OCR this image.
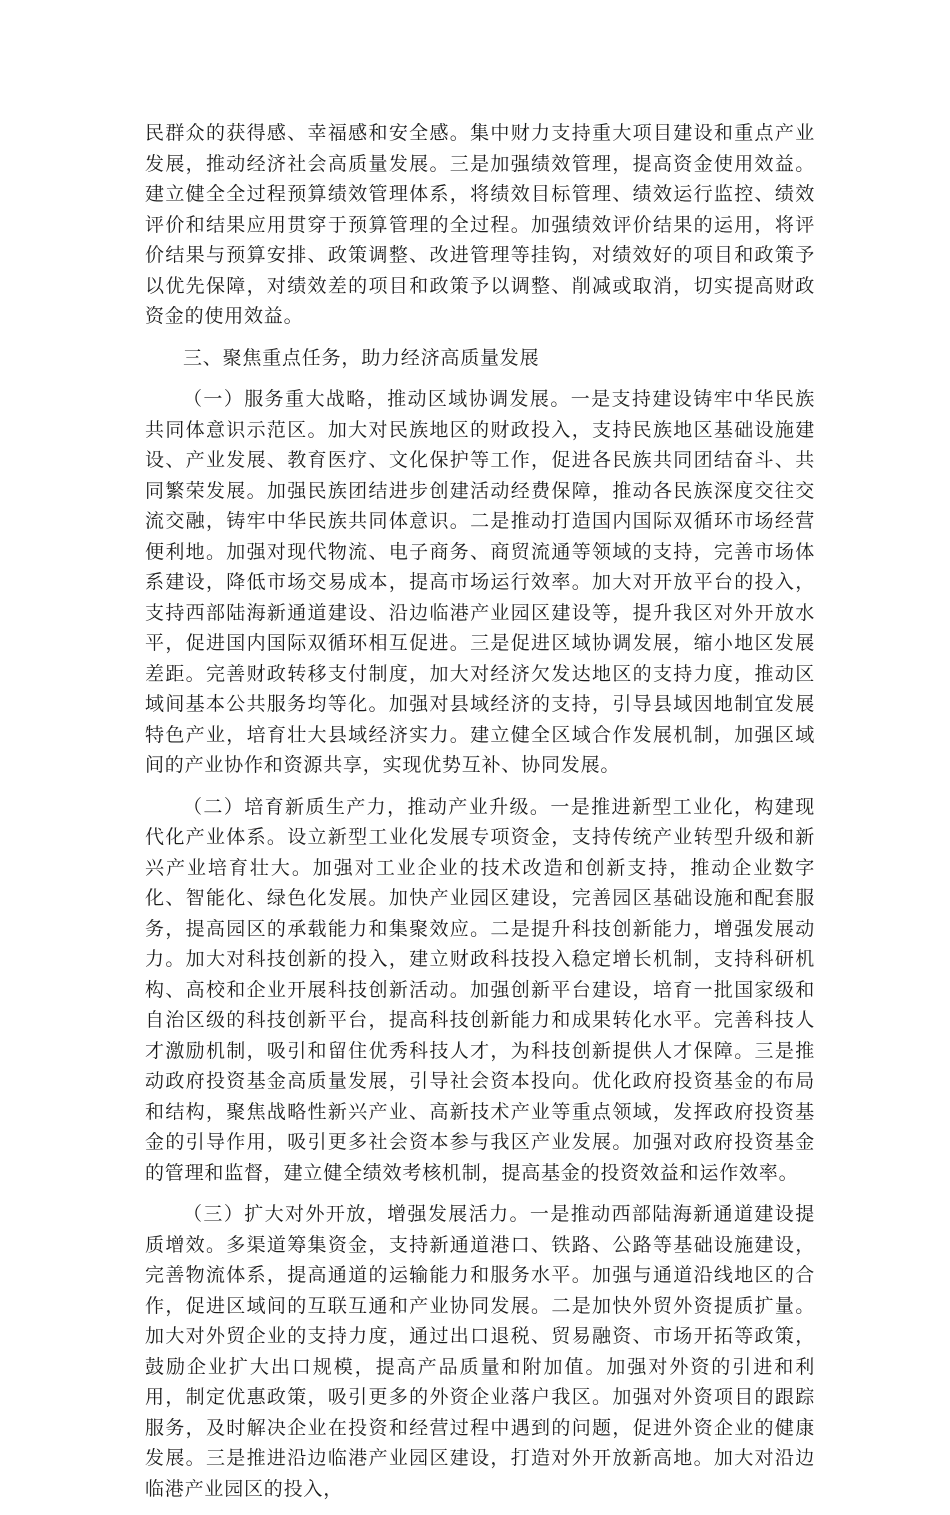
民群众的获得感、幸福感和安全感。集中财力支持重大项目建设和重点产业发展，推动经济社会高质量发展。三是加强绩效管理，提高资金使用效益。建立健全全过程预算绩效管理体系，将绩效目标管理、绩效运行监控、绩效评价和结果应用贯穿于预算管理的全过程。加强绩效评价结果的运用，将评价结果与预算安排、政策调整、改进管理等挂钩，对绩效好的项目和政策予以优先保障，对绩效差的项目和政策予以调整、削减或取消，切实提高财政资金的使用效益。

三、聚焦重点任务，助力经济高质量发展

（一）服务重大战略，推动区域协调发展。一是支持建设铸牢中华民族共同体意识示范区。加大对民族地区的财政投入，支持民族地区基础设施建设、产业发展、教育医疗、文化保护等工作，促进各民族共同团结奋斗、共同繁荣发展。加强民族团结进步创建活动经费保障，推动各民族深度交往交流交融，铸牢中华民族共同体意识。二是推动打造国内国际双循环市场经营便利地。加强对现代物流、电子商务、商贸流通等领域的支持，完善市场体系建设，降低市场交易成本，提高市场运行效率。加大对开放平台的投入，支持西部陆海新通道建设、沿边临港产业园区建设等，提升我区对外开放水平，促进国内国际双循环相互促进。三是促进区域协调发展，缩小地区发展差距。完善财政转移支付制度，加大对经济欠发达地区的支持力度，推动区域间基本公共服务均等化。加强对县域经济的支持，引导县域因地制宜发展特色产业，培育壮大县域经济实力。建立健全区域合作发展机制，加强区域间的产业协作和资源共享，实现优势互补、协同发展。

（二）培育新质生产力，推动产业升级。一是推进新型工业化，构建现代化产业体系。设立新型工业化发展专项资金，支持传统产业转型升级和新兴产业培育壮大。加强对工业企业的技术改造和创新支持，推动企业数字化、智能化、绿色化发展。加快产业园区建设，完善园区基础设施和配套服务，提高园区的承载能力和集聚效应。二是提升科技创新能力，增强发展动力。加大对科技创新的投入，建立财政科技投入稳定增长机制，支持科研机构、高校和企业开展科技创新活动。加强创新平台建设，培育一批国家级和自治区级的科技创新平台，提高科技创新能力和成果转化水平。完善科技人才激励机制，吸引和留住优秀科技人才，为科技创新提供人才保障。三是推动政府投资基金高质量发展，引导社会资本投向。优化政府投资基金的布局和结构，聚焦战略性新兴产业、高新技术产业等重点领域，发挥政府投资基金的引导作用，吸引更多社会资本参与我区产业发展。加强对政府投资基金的管理和监督，建立健全绩效考核机制，提高基金的投资效益和运作效率。

（三）扩大对外开放，增强发展活力。一是推动西部陆海新通道建设提质增效。多渠道筹集资金，支持新通道港口、铁路、公路等基础设施建设，完善物流体系，提高通道的运输能力和服务水平。加强与通道沿线地区的合作，促进区域间的互联互通和产业协同发展。二是加快外贸外资提质扩量。加大对外贸企业的支持力度，通过出口退税、贸易融资、市场开拓等政策，鼓励企业扩大出口规模，提高产品质量和附加值。加强对外资的引进和利用，制定优惠政策，吸引更多的外资企业落户我区。加强对外资项目的跟踪服务，及时解决企业在投资和经营过程中遇到的问题，促进外资企业的健康发展。三是推进沿边临港产业园区建设，打造对外开放新高地。加大对沿边临港产业园区的投入，
